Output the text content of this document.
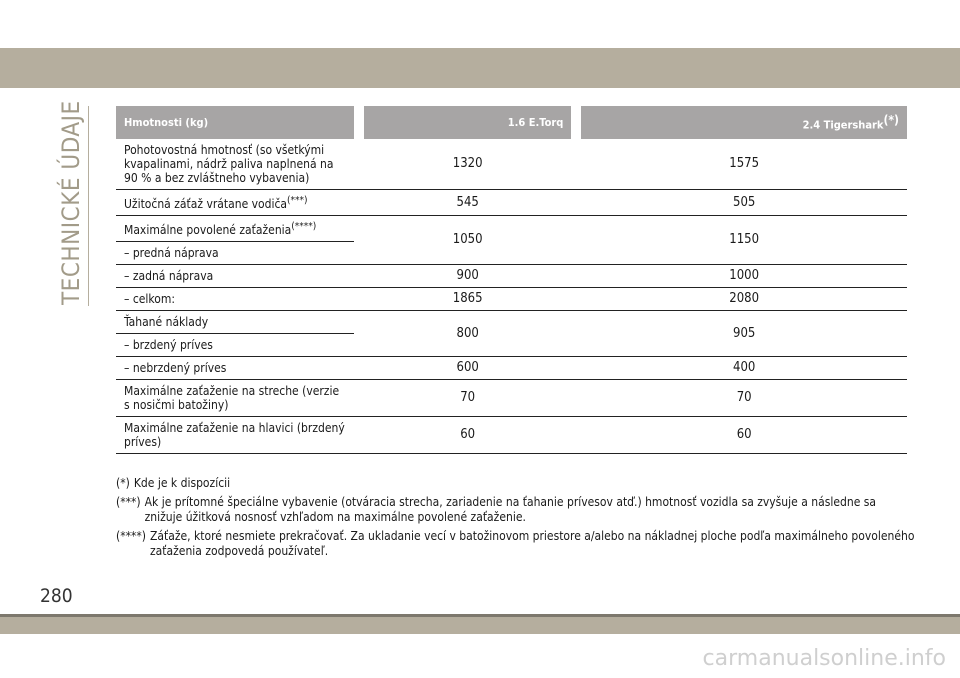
TECHNICKÉ ÚDAJE	Hmotnosti (kg)		1.6 E.Torq		2.4 Tigershark(*)
Pohotovostná hmotnosť (so všetkými kvapalinami, nádrž paliva naplnená na 90 % a bez zvláštneho vybavenia)		1320		1575
Užitočná záťaž vrátane vodiča(***)		545		505
Maximálne povolené zaťaženia(****)		1050		1150
– predná náprava				
– zadná náprava		900		1000
– celkom:		1865		2080
Ťahané náklady		800		905
– brzdený príves				
– nebrzdený príves		600		400
Maximálne zaťaženie na streche (verzie s nosičmi batožiny)		70		70
Maximálne zaťaženie na hlavici (brzdený príves)		60		60
(*) Kde je k dispozícii
(***) Ak je prítomné špeciálne vybavenie (otváracia strecha, zariadenie na ťahanie prívesov atď.) hmotnosť vozidla sa zvyšuje a následne sa znižuje úžitková nosnosť vzhľadom na maximálne povolené zaťaženie.
(****) Záťaže, ktoré nesmiete prekračovať. Za ukladanie vecí v batožinovom priestore a/alebo na nákladnej ploche podľa maximálneho povoleného zaťaženia zodpovedá používateľ.
280
carmanualsonline.info
